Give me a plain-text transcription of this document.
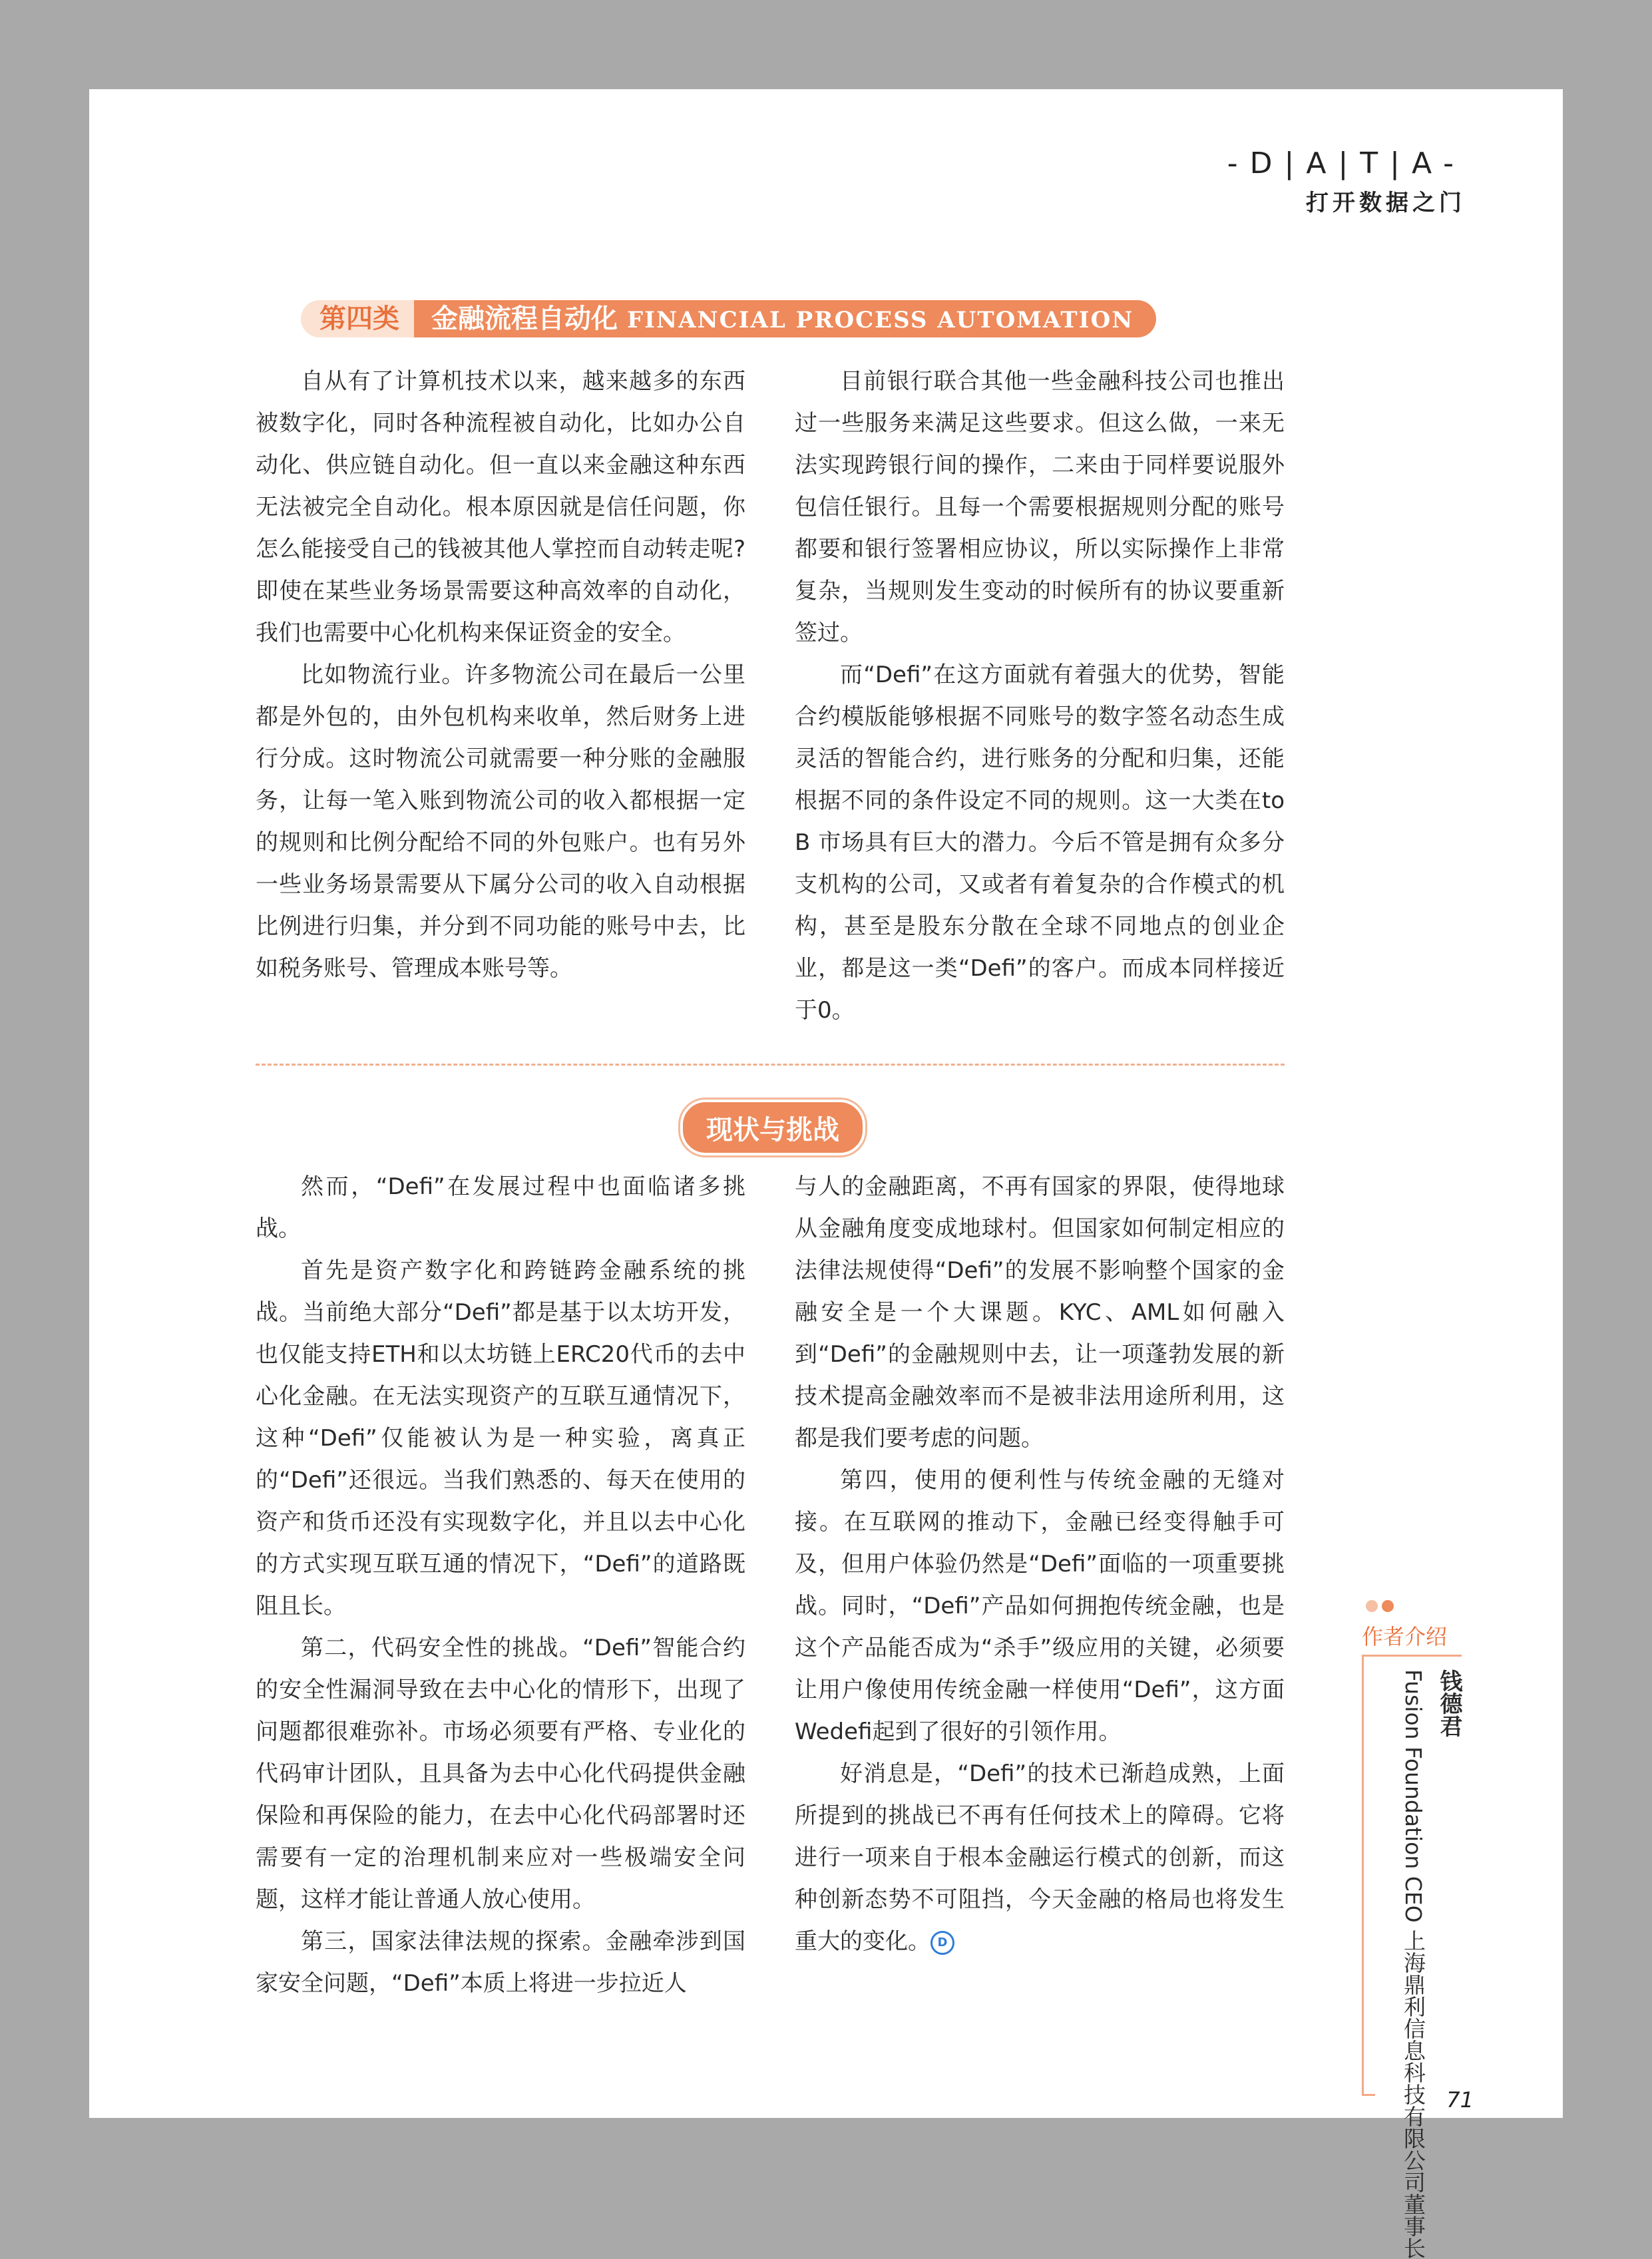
-D|A|T|A-
打开数据之门
第四类	金融流程自动化 FINANCIAL PROCESS AUTOMATION

自从有了计算机技术以来，越来越多的东西被数字化，同时各种流程被自动化，比如办公自动化、供应链自动化。但一直以来金融这种东西无法被完全自动化。根本原因就是信任问题，你怎么能接受自己的钱被其他人掌控而自动转走呢? 即使在某些业务场景需要这种高效率的自动化，我们也需要中心化机构来保证资金的安全。

比如物流行业。许多物流公司在最后一公里都是外包的，由外包机构来收单，然后财务上进行分成。这时物流公司就需要一种分账的金融服务，让每一笔入账到物流公司的收入都根据一定的规则和比例分配给不同的外包账户。也有另外一些业务场景需要从下属分公司的收入自动根据比例进行归集，并分到不同功能的账号中去，比如税务账号、管理成本账号等。

目前银行联合其他一些金融科技公司也推出过一些服务来满足这些要求。但这么做，一来无法实现跨银行间的操作，二来由于同样要说服外包信任银行。且每一个需要根据规则分配的账号都要和银行签署相应协议，所以实际操作上非常复杂，当规则发生变动的时候所有的协议要重新签过。

而“Defi”在这方面就有着强大的优势，智能合约模版能够根据不同账号的数字签名动态生成灵活的智能合约，进行账务的分配和归集，还能根据不同的条件设定不同的规则。这一大类在to B 市场具有巨大的潜力。今后不管是拥有众多分支机构的公司，又或者有着复杂的合作模式的机构，甚至是股东分散在全球不同地点的创业企业，都是这一类“Defi”的客户。而成本同样接近于0。

现状与挑战

然而，“Defi”在发展过程中也面临诸多挑战。

首先是资产数字化和跨链跨金融系统的挑战。当前绝大部分“Defi”都是基于以太坊开发，也仅能支持ETH和以太坊链上ERC20代币的去中心化金融。在无法实现资产的互联互通情况下，这种“Defi”仅能被认为是一种实验，离真正的“Defi”还很远。当我们熟悉的、每天在使用的资产和货币还没有实现数字化，并且以去中心化的方式实现互联互通的情况下，“Defi”的道路既阻且长。

第二，代码安全性的挑战。“Defi”智能合约的安全性漏洞导致在去中心化的情形下，出现了问题都很难弥补。市场必须要有严格、专业化的代码审计团队，且具备为去中心化代码提供金融保险和再保险的能力，在去中心化代码部署时还需要有一定的治理机制来应对一些极端安全问题，这样才能让普通人放心使用。

第三，国家法律法规的探索。金融牵涉到国家安全问题，“Defi”本质上将进一步拉近人

与人的金融距离，不再有国家的界限，使得地球从金融角度变成地球村。但国家如何制定相应的法律法规使得“Defi”的发展不影响整个国家的金融安全是一个大课题。KYC、AML如何融入到“Defi”的金融规则中去，让一项蓬勃发展的新技术提高金融效率而不是被非法用途所利用，这都是我们要考虑的问题。

第四，使用的便利性与传统金融的无缝对接。在互联网的推动下，金融已经变得触手可及，但用户体验仍然是“Defi”面临的一项重要挑战。同时，“Defi”产品如何拥抱传统金融，也是这个产品能否成为“杀手”级应用的关键，必须要让用户像使用传统金融一样使用“Defi”，这方面Wedefi起到了很好的引领作用。

好消息是，“Defi”的技术已渐趋成熟，上面所提到的挑战已不再有任何技术上的障碍。它将进行一项来自于根本金融运行模式的创新，而这种创新态势不可阻挡，今天金融的格局也将发生重大的变化。 D

作者介绍
钱德君
Fusion Foundation CEO 上海鼎利信息科技有限公司董事长 71
